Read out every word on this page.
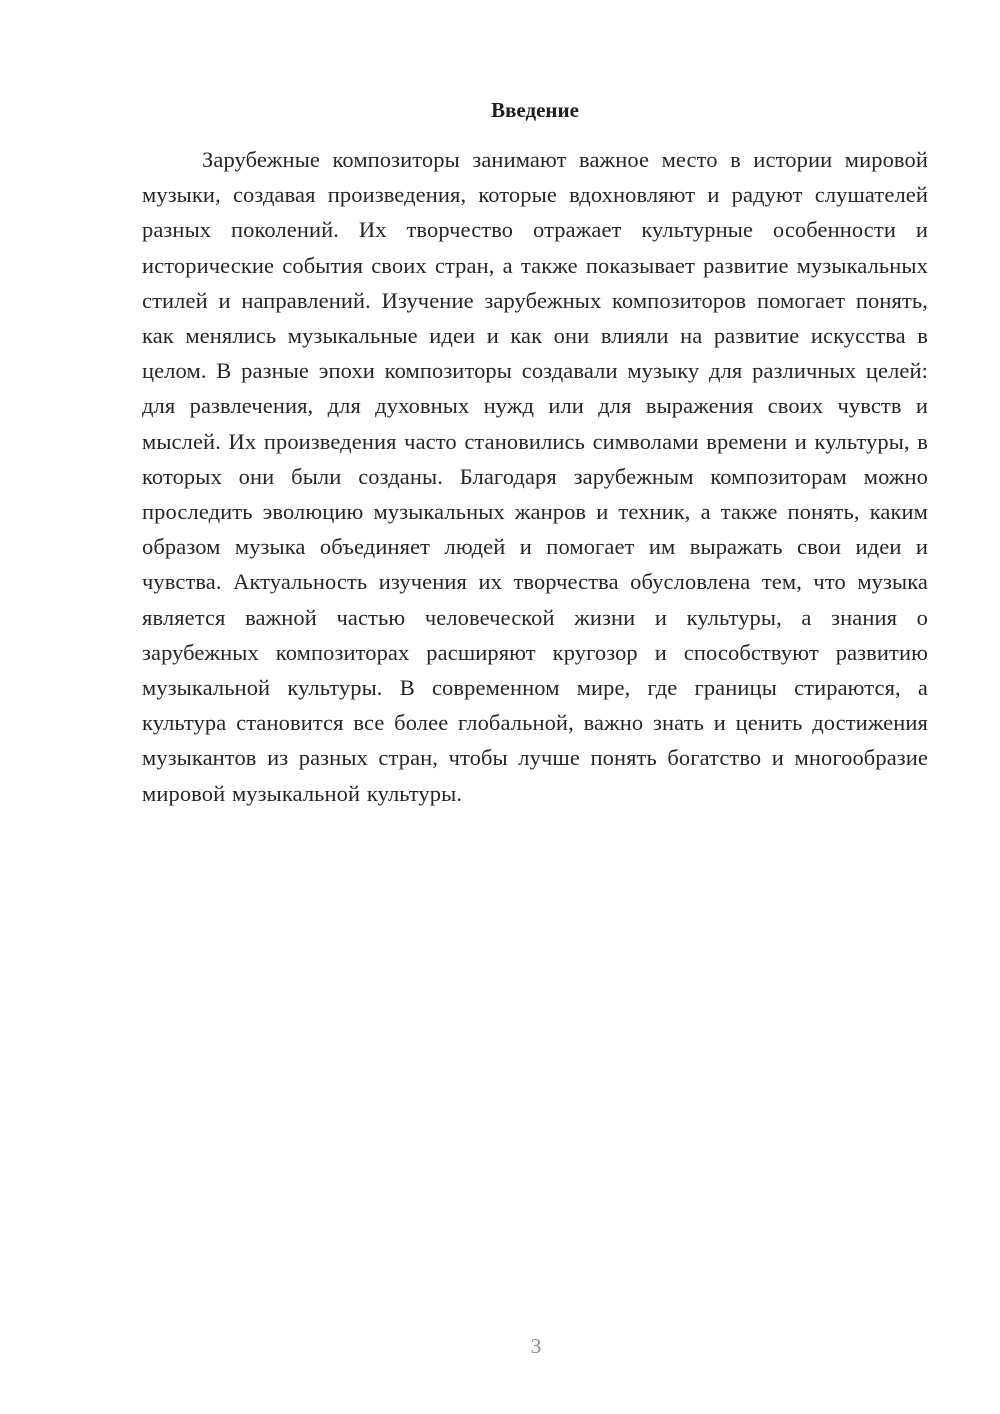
Введение

Зарубежные композиторы занимают важное место в истории мировой музыки, создавая произведения, которые вдохновляют и радуют слушателей разных поколений. Их творчество отражает культурные особенности и исторические события своих стран, а также показывает развитие музыкальных стилей и направлений. Изучение зарубежных композиторов помогает понять, как менялись музыкальные идеи и как они влияли на развитие искусства в целом. В разные эпохи композиторы создавали музыку для различных целей: для развлечения, для духовных нужд или для выражения своих чувств и мыслей. Их произведения часто становились символами времени и культуры, в которых они были созданы. Благодаря зарубежным композиторам можно проследить эволюцию музыкальных жанров и техник, а также понять, каким образом музыка объединяет людей и помогает им выражать свои идеи и чувства. Актуальность изучения их творчества обусловлена тем, что музыка является важной частью человеческой жизни и культуры, а знания о зарубежных композиторах расширяют кругозор и способствуют развитию музыкальной культуры. В современном мире, где границы стираются, а культура становится все более глобальной, важно знать и ценить достижения музыкантов из разных стран, чтобы лучше понять богатство и многообразие мировой музыкальной культуры.

3
